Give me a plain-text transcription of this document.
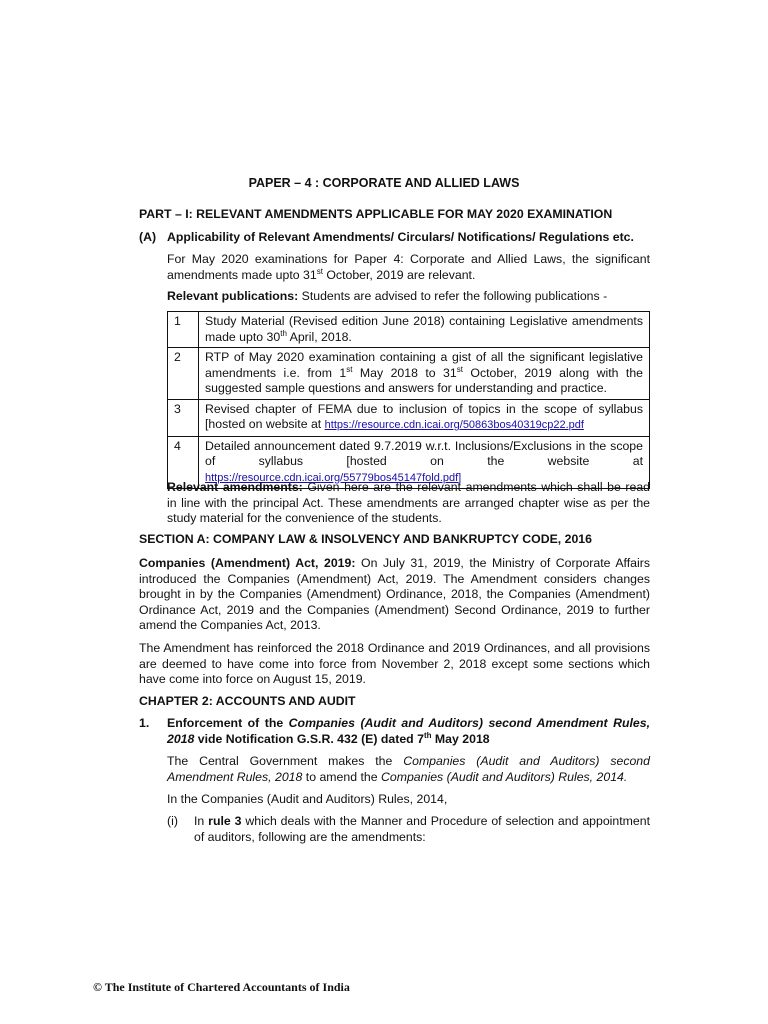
PAPER – 4 : CORPORATE AND ALLIED LAWS
PART – I: RELEVANT AMENDMENTS APPLICABLE FOR MAY 2020 EXAMINATION
(A) Applicability of Relevant Amendments/ Circulars/ Notifications/ Regulations etc.
For May 2020 examinations for Paper 4: Corporate and Allied Laws, the significant amendments made upto 31st October, 2019 are relevant.
Relevant publications: Students are advised to refer the following publications -
1	Study Material (Revised edition June 2018) containing Legislative amendments made upto 30th April, 2018.
2	RTP of May 2020 examination containing a gist of all the significant legislative amendments i.e. from 1st May 2018 to 31st October, 2019 along with the suggested sample questions and answers for understanding and practice.
3	Revised chapter of FEMA due to inclusion of topics in the scope of syllabus [hosted on website at https://resource.cdn.icai.org/50863bos40319cp22.pdf
4	Detailed announcement dated 9.7.2019 w.r.t. Inclusions/Exclusions in the scope of syllabus [hosted on the website at https://resource.cdn.icai.org/55779bos45147fold.pdf]
Relevant amendments: Given here are the relevant amendments which shall be read in line with the principal Act. These amendments are arranged chapter wise as per the study material for the convenience of the students.
SECTION A: COMPANY LAW & INSOLVENCY AND BANKRUPTCY CODE, 2016
Companies (Amendment) Act, 2019: On July 31, 2019, the Ministry of Corporate Affairs introduced the Companies (Amendment) Act, 2019. The Amendment considers changes brought in by the Companies (Amendment) Ordinance, 2018, the Companies (Amendment) Ordinance Act, 2019 and the Companies (Amendment) Second Ordinance, 2019 to further amend the Companies Act, 2013.
The Amendment has reinforced the 2018 Ordinance and 2019 Ordinances, and all provisions are deemed to have come into force from November 2, 2018 except some sections which have come into force on August 15, 2019.
CHAPTER 2: ACCOUNTS AND AUDIT
1. Enforcement of the Companies (Audit and Auditors) second Amendment Rules, 2018 vide Notification G.S.R. 432 (E) dated 7th May 2018
The Central Government makes the Companies (Audit and Auditors) second Amendment Rules, 2018 to amend the Companies (Audit and Auditors) Rules, 2014.
In the Companies (Audit and Auditors) Rules, 2014,
(i) In rule 3 which deals with the Manner and Procedure of selection and appointment of auditors, following are the amendments:
© The Institute of Chartered Accountants of India
